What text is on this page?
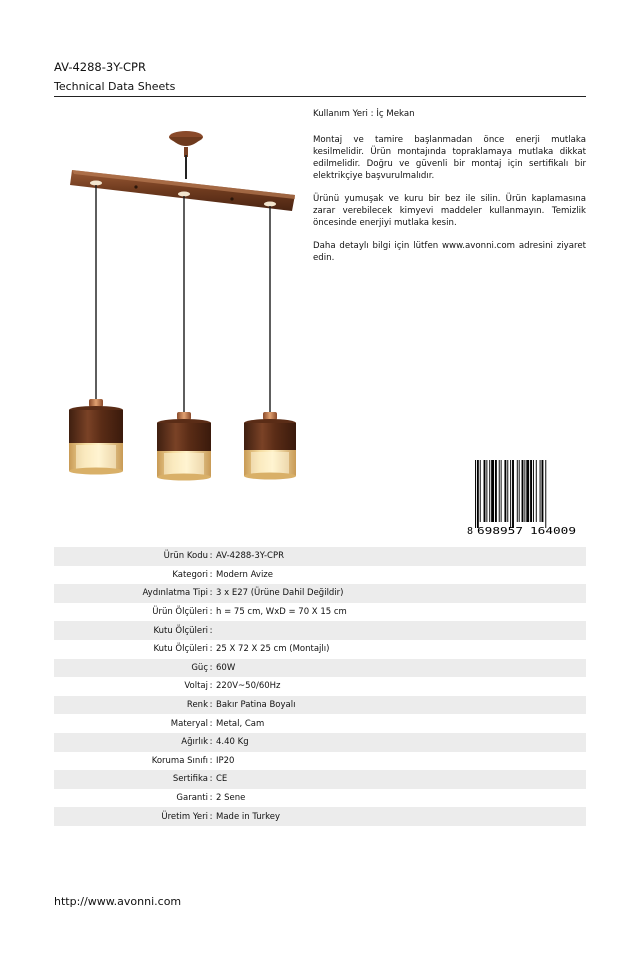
AV-4288-3Y-CPR
Technical Data Sheets

Kullanım Yeri : İç Mekan

Montaj ve tamire başlanmadan önce enerji mutlaka kesilmelidir. Ürün montajında topraklamaya mutlaka dikkat edilmelidir. Doğru ve güvenli bir montaj için sertifikalı bir elektrikçiye başvurulmalıdır.

Ürünü yumuşak ve kuru bir bez ile silin. Ürün kaplamasına zarar verebilecek kimyevi maddeler kullanmayın. Temizlik öncesinde enerjiyi mutlaka kesin.

Daha detaylı bilgi için lütfen www.avonni.com adresini ziyaret edin.

8 698957 164009
Ürün Kodu : AV-4288-3Y-CPR
Kategori : Modern Avize
Aydınlatma Tipi : 3 x E27 (Ürüne Dahil Değildir)
Ürün Ölçüleri : h = 75 cm, WxD = 70 X 15 cm
Kutu Ölçüleri :
Kutu Ölçüleri : 25 X 72 X 25 cm (Montajlı)
Güç : 60W
Voltaj : 220V~50/60Hz
Renk : Bakır Patina Boyalı
Materyal : Metal, Cam
Ağırlık : 4.40 Kg
Koruma Sınıfı : IP20
Sertifika : CE
Garanti : 2 Sene
Üretim Yeri : Made in Turkey
http://www.avonni.com
